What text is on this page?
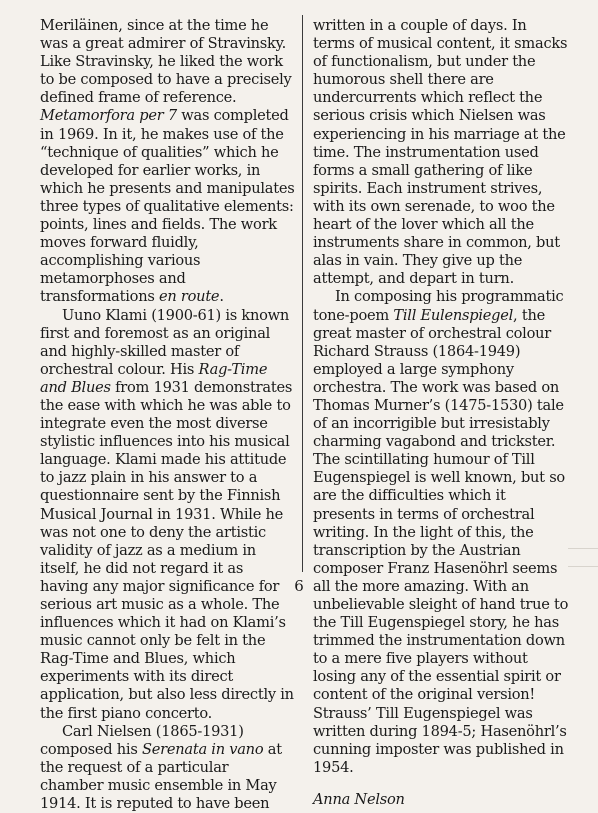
Meriläinen, since at the time he was a great admirer of Stravinsky. Like Stravinsky, he liked the work to be composed to have a precisely defined frame of reference. Metamorfora per 7 was completed in 1969. In it, he makes use of the “technique of qualities” which he developed for earlier works, in which he presents and manipulates three types of qualitative elements: points, lines and fields. The work moves forward fluidly, accomplishing various metamorphoses and transformations en route.

Uuno Klami (1900-61) is known first and foremost as an original and highly-skilled master of orchestral colour. His Rag-Time and Blues from 1931 demonstrates the ease with which he was able to integrate even the most diverse stylistic influences into his musical language. Klami made his attitude to jazz plain in his answer to a questionnaire sent by the Finnish Musical Journal in 1931. While he was not one to deny the artistic validity of jazz as a medium in itself, he did not regard it as having any major significance for serious art music as a whole. The influences which it had on Klami’s music cannot only be felt in the Rag-Time and Blues, which experiments with its direct application, but also less directly in the first piano concerto.

Carl Nielsen (1865-1931) composed his Serenata in vano at the request of a particular chamber music ensemble in May 1914. It is reputed to have been

written in a couple of days. In terms of musical content, it smacks of functionalism, but under the humorous shell there are undercurrents which reflect the serious crisis which Nielsen was experiencing in his marriage at the time. The instrumentation used forms a small gathering of like spirits. Each instrument strives, with its own serenade, to woo the heart of the lover which all the instruments share in common, but alas in vain. They give up the attempt, and depart in turn.

In composing his programmatic tone-poem Till Eulenspiegel, the great master of orchestral colour Richard Strauss (1864-1949) employed a large symphony orchestra. The work was based on Thomas Murner’s (1475-1530) tale of an incorrigible but irresistably charming vagabond and trickster. The scintillating humour of Till Eugenspiegel is well known, but so are the difficulties which it presents in terms of orchestral writing. In the light of this, the transcription by the Austrian composer Franz Hasenöhrl seems all the more amazing. With an unbelievable sleight of hand true to the Till Eugenspiegel story, he has trimmed the instrumentation down to a mere five players without losing any of the essential spirit or content of the original version! Strauss’ Till Eugenspiegel was written during 1894-5; Hasenöhrl’s cunning imposter was published in 1954.

Anna Nelson

6
